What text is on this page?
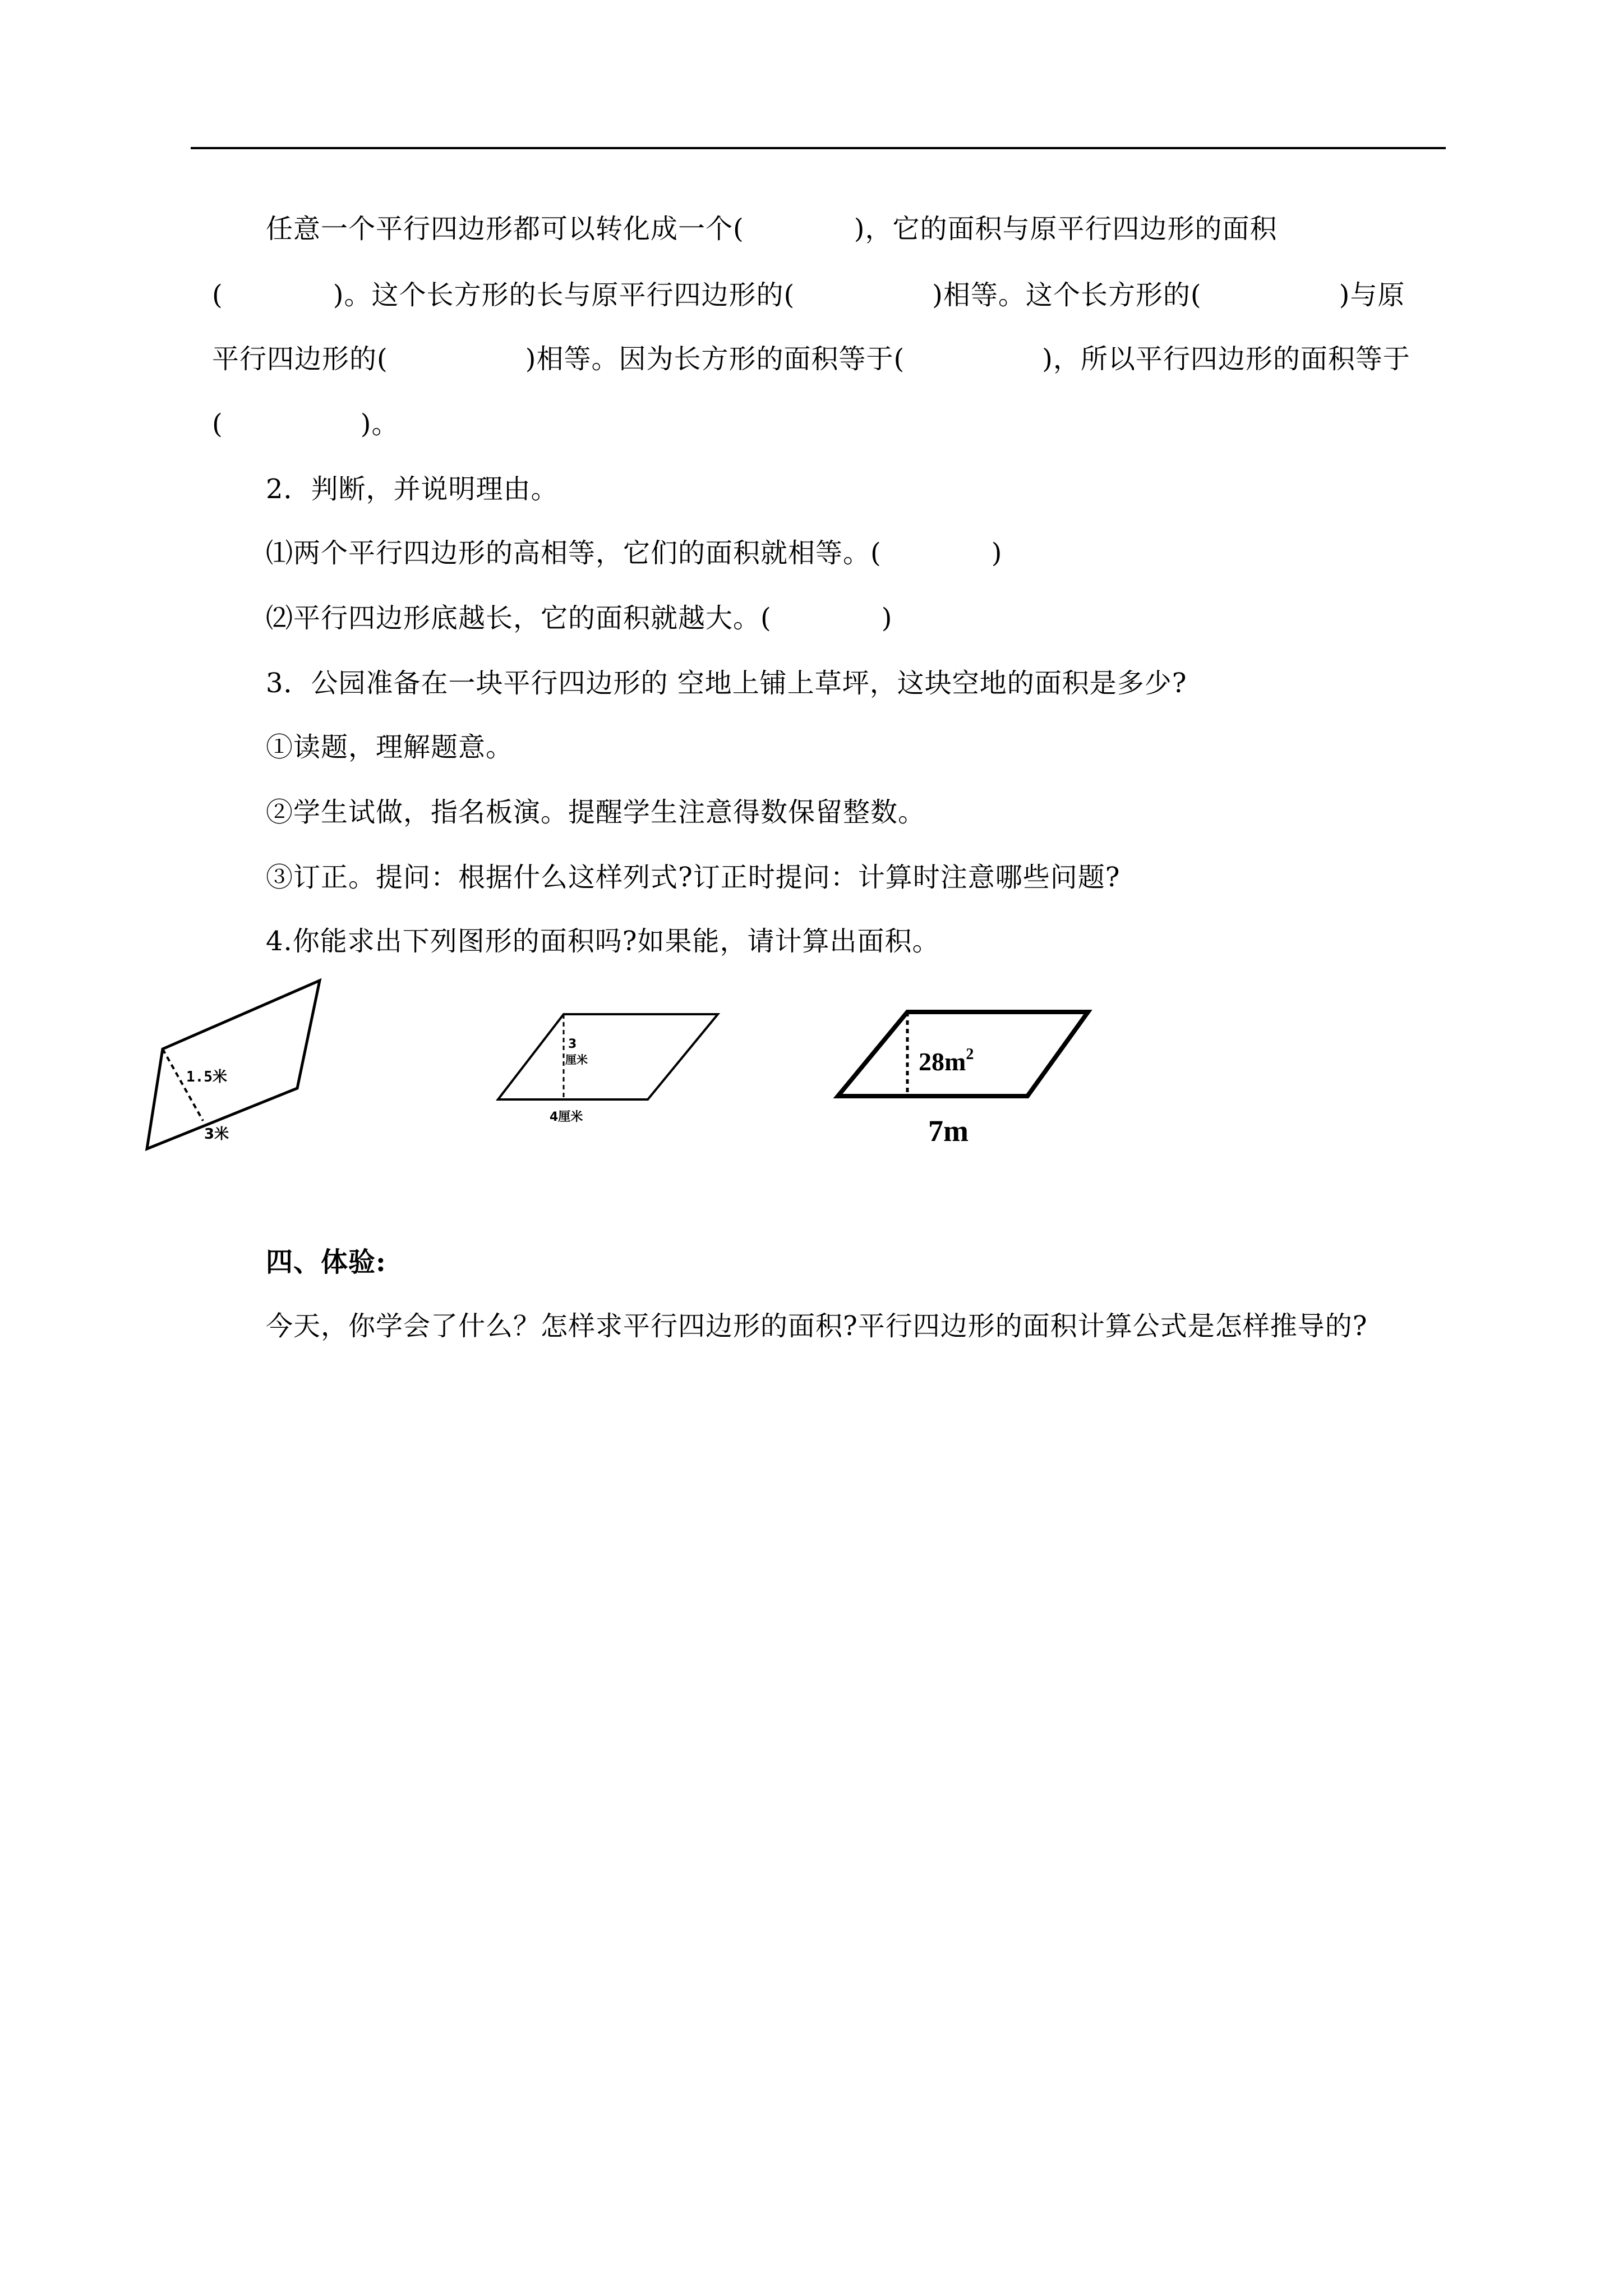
任意一个平行四边形都可以转化成一个(　　　　)，它的面积与原平行四边形的面积
(　　　　)。这个长方形的长与原平行四边形的(　　　　　)相等。这个长方形的(　　　　　)与原
平行四边形的(　　　　　)相等。因为长方形的面积等于(　　　　　)，所以平行四边形的面积等于
(　　　　　)。
2．判断，并说明理由。
⑴两个平行四边形的高相等，它们的面积就相等。(　　　　)
⑵平行四边形底越长，它的面积就越大。(　　　　)
3．公园准备在一块平行四边形的 空地上铺上草坪，这块空地的面积是多少?
①读题，理解题意。
②学生试做，指名板演。提醒学生注意得数保留整数。
③订正。提问：根据什么这样列式?订正时提问：计算时注意哪些问题?
4.你能求出下列图形的面积吗?如果能，请计算出面积。
1.5米
3米
3
厘米
4厘米
$28m^2$
7m
四、体验:
今天，你学会了什么？怎样求平行四边形的面积?平行四边形的面积计算公式是怎样推导的?
